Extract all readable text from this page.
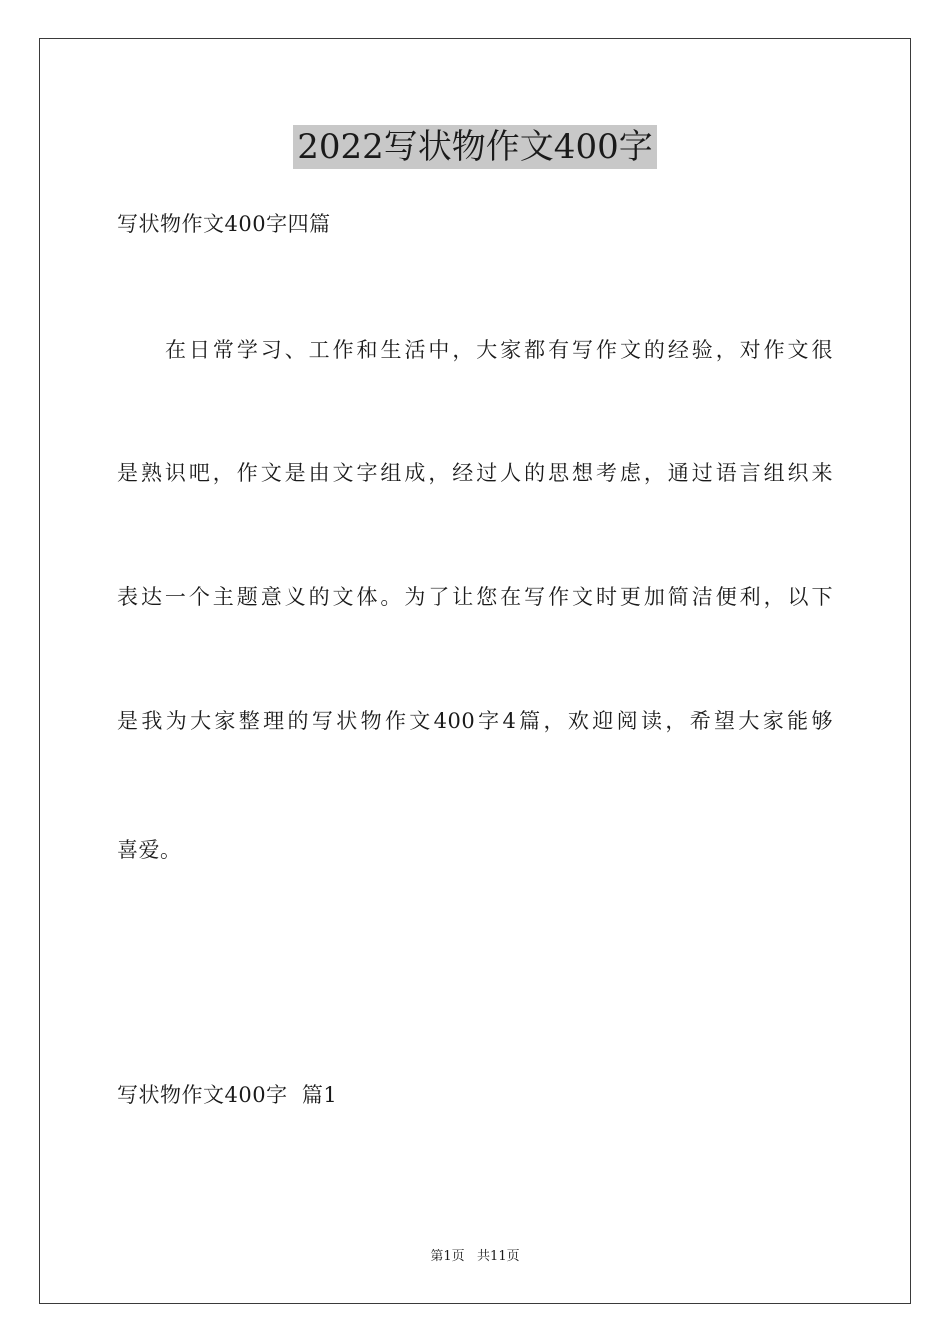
2022写状物作文400字
写状物作文400字四篇
在日常学习、工作和生活中，大家都有写作文的经验，对作文很
是熟识吧，作文是由文字组成，经过人的思想考虑，通过语言组织来
表达一个主题意义的文体。为了让您在写作文时更加简洁便利，以下
是我为大家整理的写状物作文400字4篇，欢迎阅读，希望大家能够
喜爱。
写状物作文400字  篇1
第1页   共11页
